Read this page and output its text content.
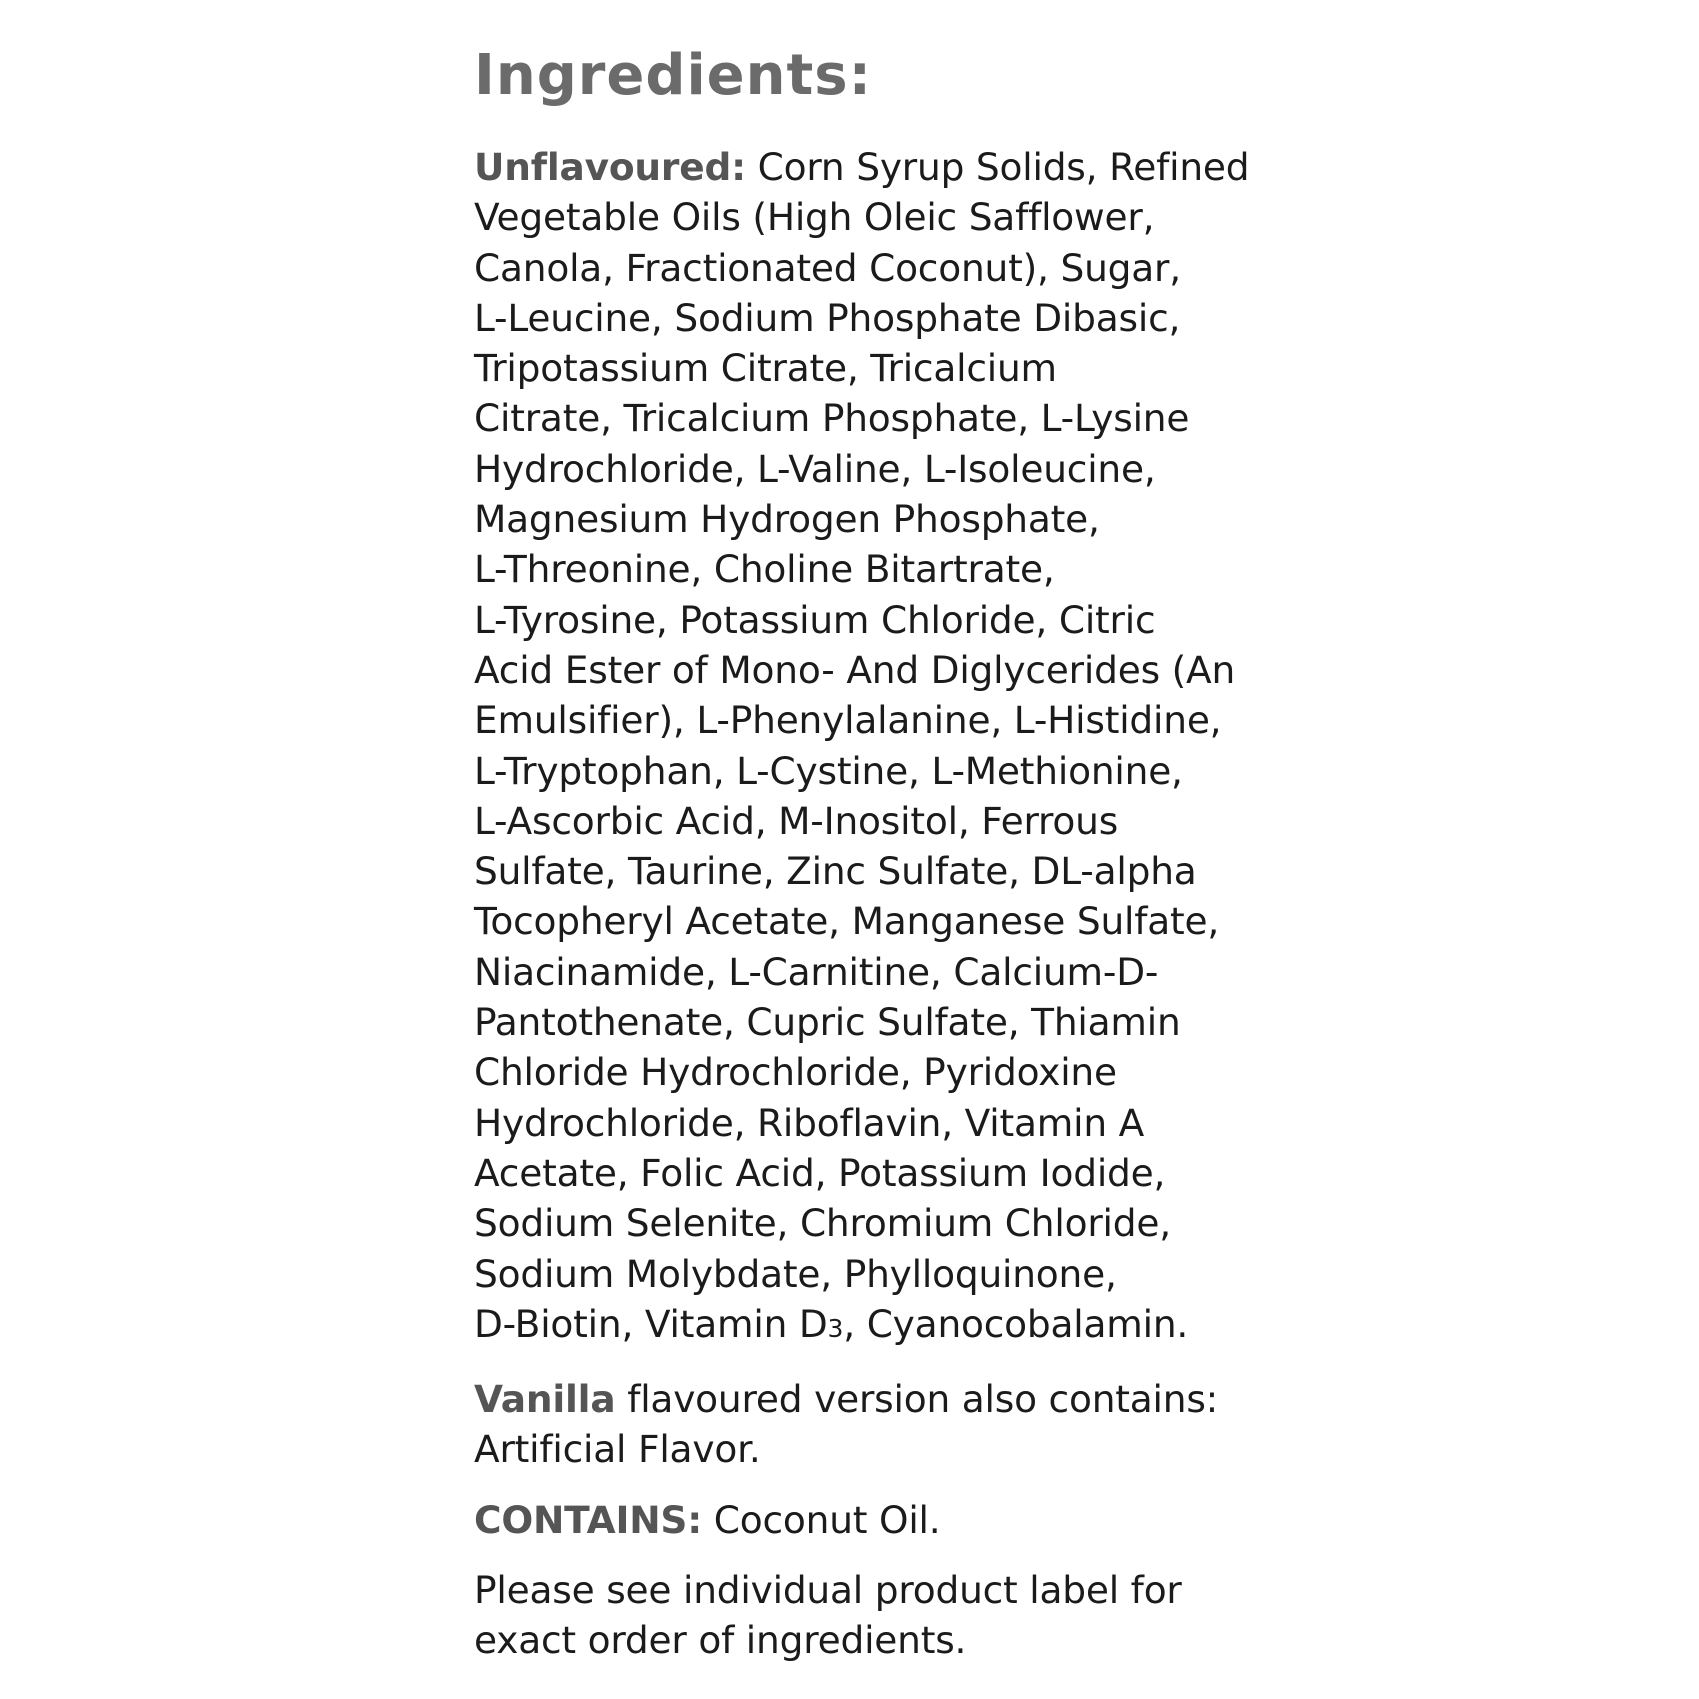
Ingredients:

Unflavoured: Corn Syrup Solids, Refined
Vegetable Oils (High Oleic Safflower,
Canola, Fractionated Coconut), Sugar,
L-Leucine, Sodium Phosphate Dibasic,
Tripotassium Citrate, Tricalcium
Citrate, Tricalcium Phosphate, L-Lysine
Hydrochloride, L-Valine, L-Isoleucine,
Magnesium Hydrogen Phosphate,
L-Threonine, Choline Bitartrate,
L-Tyrosine, Potassium Chloride, Citric
Acid Ester of Mono- And Diglycerides (An
Emulsifier), L-Phenylalanine, L-Histidine,
L-Tryptophan, L-Cystine, L-Methionine,
L-Ascorbic Acid, M-Inositol, Ferrous
Sulfate, Taurine, Zinc Sulfate, DL-alpha
Tocopheryl Acetate, Manganese Sulfate,
Niacinamide, L-Carnitine, Calcium-D-
Pantothenate, Cupric Sulfate, Thiamin
Chloride Hydrochloride, Pyridoxine
Hydrochloride, Riboflavin, Vitamin A
Acetate, Folic Acid, Potassium Iodide,
Sodium Selenite, Chromium Chloride,
Sodium Molybdate, Phylloquinone,
D-Biotin, Vitamin D3, Cyanocobalamin.

Vanilla flavoured version also contains:
Artificial Flavor.

CONTAINS: Coconut Oil.

Please see individual product label for
exact order of ingredients.
